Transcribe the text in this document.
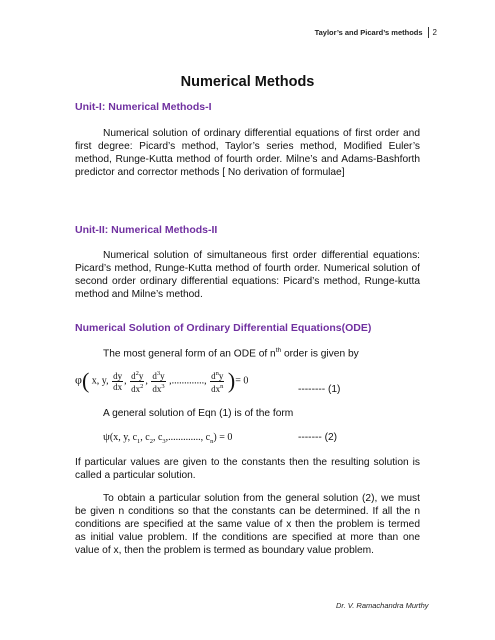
Taylor’s and Picard’s methods 2
Numerical Methods
Unit-I: Numerical Methods-I
Numerical solution of ordinary differential equations of first order and first degree: Picard’s method, Taylor’s series method, Modified Euler’s method, Runge-Kutta method of fourth order. Milne’s and Adams-Bashforth predictor and corrector methods [ No derivation of formulae]
Unit-II: Numerical Methods-II
Numerical solution of simultaneous first order differential equations: Picard’s method, Runge-Kutta method of fourth order. Numerical solution of second order ordinary differential equations: Picard’s method, Runge-kutta method and Milne’s method.
Numerical Solution of Ordinary Differential Equations(ODE)
The most general form of an ODE of $n^{th}$ order is given by
φ( x, y, $\frac{dy}{dx}$ , $\frac{d^2y}{dx^2}$ , $\frac{d^3y}{dx^3}$ ,............., $\frac{d^ny}{dx^n}$ )= 0
-------- (1)
A general solution of Eqn (1) is of the form
ψ(x, y, $c_1$, $c_2$, $c_3$,............., $c_n) = 0$	------- (2)
If particular values are given to the constants then the resulting solution is called a particular solution.
To obtain a particular solution from the general solution (2), we must be given n conditions so that the constants can be determined. If all the n conditions are specified at the same value of x then the problem is termed as initial value problem. If the conditions are specified at more than one value of x, then the problem is termed as boundary value problem.
Dr. V. Ramachandra Murthy
